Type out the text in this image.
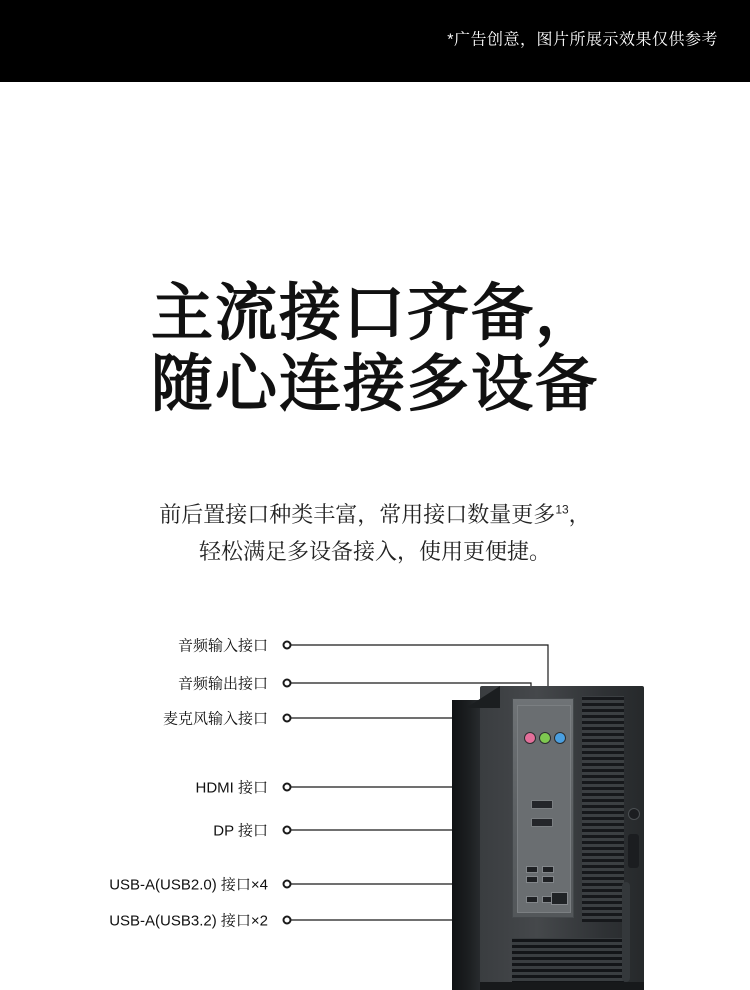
*广告创意，图片所展示效果仅供参考
主流接口齐备，
随心连接多设备
前后置接口种类丰富，常用接口数量更多$^{13}$，
轻松满足多设备接入，使用更便捷。
音频输入接口
音频输出接口
麦克风输入接口
HDMI 接口
DP 接口
USB-A(USB2.0) 接口×4
USB-A(USB3.2) 接口×2
